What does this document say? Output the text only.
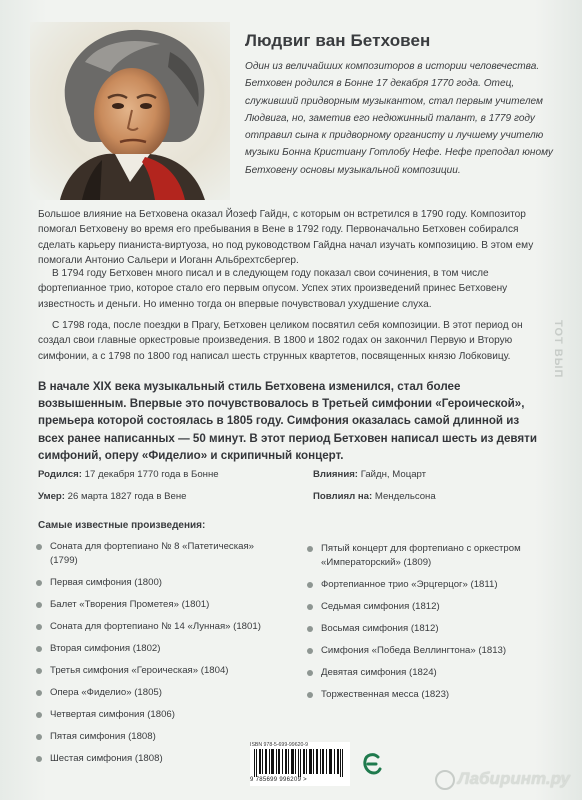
Людвиг ван Бетховен
Один из величайших композиторов в истории человечества. Бетховен родился в Бонне 17 декабря 1770 года. Отец, служивший придворным музыкантом, стал первым учителем Людвига, но, заметив его недюжинный талант, в 1779 году отправил сына к придворному органисту и лучшему учителю музыки Бонна Кристиану Готлобу Нефе. Нефе преподал юному Бетховену основы музыкальной композиции.

Большое влияние на Бетховена оказал Йозеф Гайдн, с которым он встретился в 1790 году. Композитор помогал Бетховену во время его пребывания в Вене в 1792 году. Первоначально Бетховен собирался сделать карьеру пианиста-виртуоза, но под руководством Гайдна начал изучать композицию. В этом ему помогали Антонио Сальери и Иоганн Альбрехтсбергер.

В 1794 году Бетховен много писал и в следующем году показал свои сочинения, в том числе фортепианное трио, которое стало его первым опусом. Успех этих произведений принес Бетховену известность и деньги. Но именно тогда он впервые почувствовал ухудшение слуха.

С 1798 года, после поездки в Прагу, Бетховен целиком посвятил себя композиции. В этот период он создал свои главные оркестровые произведения. В 1800 и 1802 годах он закончил Первую и Вторую симфонии, а с 1798 по 1800 год написал шесть струнных квартетов, посвященных князю Лобковицу.

В начале XIX века музыкальный стиль Бетховена изменился, стал более возвышенным. Впервые это почувствовалось в Третьей симфонии «Героической», премьера которой состоялась в 1805 году. Симфония оказалась самой длинной из всех ранее написанных — 50 минут. В этот период Бетховен написал шесть из девяти симфоний, оперу «Фиделио» и скрипичный концерт.
Родился: 17 декабря 1770 года в Бонне
Умер: 26 марта 1827 года в Вене
Влияния: Гайдн, Моцарт
Повлиял на: Мендельсона
Самые известные произведения:
Соната для фортепиано № 8 «Патетическая» (1799)
Первая симфония (1800)
Балет «Творения Прометея» (1801)
Соната для фортепиано № 14 «Лунная» (1801)
Вторая симфония (1802)
Третья симфония «Героическая» (1804)
Опера «Фиделио» (1805)
Четвертая симфония (1806)
Пятая симфония (1808)
Шестая симфония (1808)
Пятый концерт для фортепиано с оркестром «Императорский» (1809)
Фортепианное трио «Эрцгерцог» (1811)
Седьмая симфония (1812)
Восьмая симфония (1812)
Симфония «Победа Веллингтона» (1813)
Девятая симфония (1824)
Торжественная месса (1823)
ТОТ ВЫП
ISBN 978-5-699-99620-9
9 785699 996209 >	Лабиринт.ру
